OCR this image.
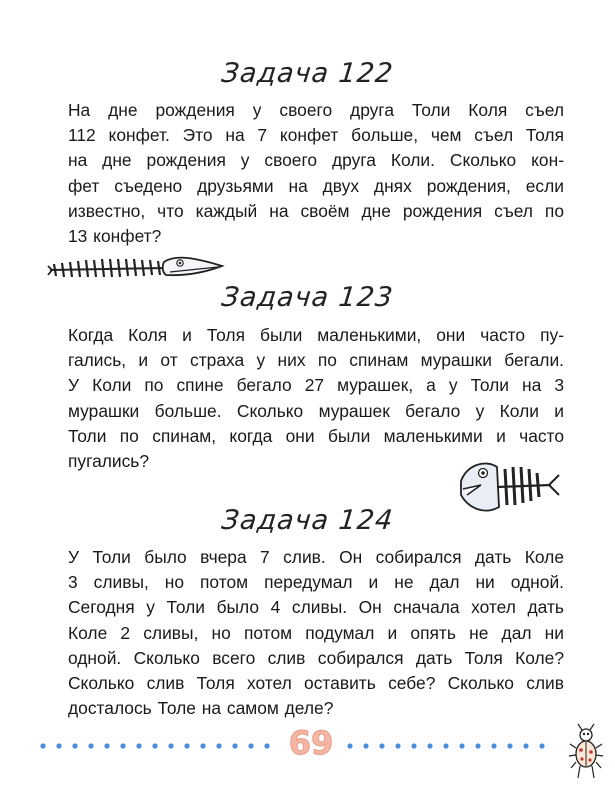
Задача 122
На дне рождения у своего друга Толи Коля съел
112 конфет. Это на 7 конфет больше, чем съел Толя
на дне рождения у своего друга Коли. Сколько кон-
фет съедено друзьями на двух днях рождения, если
известно, что каждый на своём дне рождения съел по
13 конфет?
Задача 123
Когда Коля и Толя были маленькими, они часто пу-
гались, и от страха у них по спинам мурашки бегали.
У Коли по спине бегало 27 мурашек, а у Толи на 3
мурашки больше. Сколько мурашек бегало у Коли и
Толи по спинам, когда они были маленькими и часто
пугались?
Задача 124
У Толи было вчера 7 слив. Он собирался дать Коле
3 сливы, но потом передумал и не дал ни одной.
Сегодня у Толи было 4 сливы. Он сначала хотел дать
Коле 2 сливы, но потом подумал и опять не дал ни
одной. Сколько всего слив собирался дать Толя Коле?
Сколько слив Толя хотел оставить себе? Сколько слив
досталось Толе на самом деле?
69
